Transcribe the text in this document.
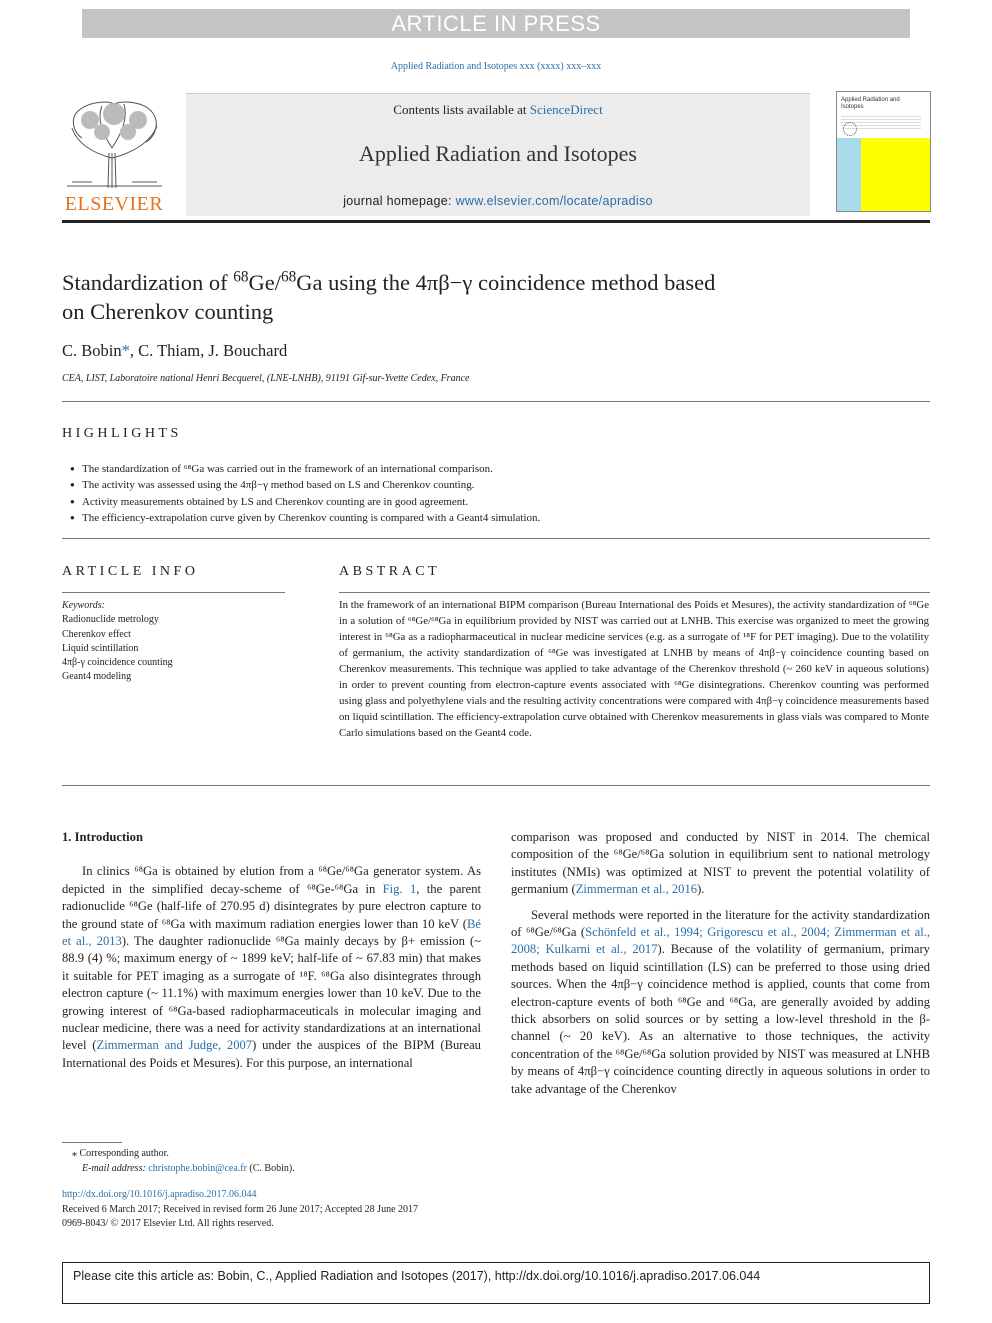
ARTICLE IN PRESS
Applied Radiation and Isotopes xxx (xxxx) xxx–xxx
ELSEVIER
Contents lists available at ScienceDirect
Applied Radiation and Isotopes
journal homepage: www.elsevier.com/locate/apradiso
Applied Radiation and
Isotopes
Standardization of $^{68}$Ge/$^{68}$Ga using the 4πβ−γ coincidence method based
on Cherenkov counting
C. Bobin*, C. Thiam, J. Bouchard
CEA, LIST, Laboratoire national Henri Becquerel, (LNE-LNHB), 91191 Gif-sur-Yvette Cedex, France
HIGHLIGHTS
● The standardization of ⁶⁸Ga was carried out in the framework of an international comparison.
● The activity was assessed using the 4πβ−γ method based on LS and Cherenkov counting.
● Activity measurements obtained by LS and Cherenkov counting are in good agreement.
● The efficiency-extrapolation curve given by Cherenkov counting is compared with a Geant4 simulation.
ARTICLE INFO
Keywords:
Radionuclide metrology
Cherenkov effect
Liquid scintillation
4πβ-γ coincidence counting
Geant4 modeling
ABSTRACT
In the framework of an international BIPM comparison (Bureau International des Poids et Mesures), the activity standardization of ⁶⁸Ge in a solution of ⁶⁸Ge/⁶⁸Ga in equilibrium provided by NIST was carried out at LNHB. This exercise was organized to meet the growing interest in ⁶⁸Ga as a radiopharmaceutical in nuclear medicine services (e.g. as a surrogate of ¹⁸F for PET imaging). Due to the volatility of germanium, the activity standardization of ⁶⁸Ge was investigated at LNHB by means of 4πβ−γ coincidence counting based on Cherenkov measurements. This technique was applied to take advantage of the Cherenkov threshold (~ 260 keV in aqueous solutions) in order to prevent counting from electron-capture events associated with ⁶⁸Ge disintegrations. Cherenkov counting was performed using glass and polyethylene vials and the resulting activity concentrations were compared with 4πβ−γ coincidence measurements based on liquid scintillation. The efficiency-extrapolation curve obtained with Cherenkov measurements in glass vials was compared to Monte Carlo simulations based on the Geant4 code.
1. Introduction

In clinics ⁶⁸Ga is obtained by elution from a ⁶⁸Ge/⁶⁸Ga generator system. As depicted in the simplified decay-scheme of ⁶⁸Ge-⁶⁸Ga in Fig. 1, the parent radionuclide ⁶⁸Ge (half-life of 270.95 d) disintegrates by pure electron capture to the ground state of ⁶⁸Ga with maximum radiation energies lower than 10 keV (Bé et al., 2013). The daughter radionuclide ⁶⁸Ga mainly decays by β+ emission (~ 88.9 (4) %; maximum energy of ~ 1899 keV; half-life of ~ 67.83 min) that makes it suitable for PET imaging as a surrogate of ¹⁸F. ⁶⁸Ga also disintegrates through electron capture (~ 11.1%) with maximum energies lower than 10 keV. Due to the growing interest of ⁶⁸Ga-based radiopharmaceuticals in molecular imaging and nuclear medicine, there was a need for activity standardizations at an international level (Zimmerman and Judge, 2007) under the auspices of the BIPM (Bureau International des Poids et Mesures). For this purpose, an international

comparison was proposed and conducted by NIST in 2014. The chemical composition of the ⁶⁸Ge/⁶⁸Ga solution in equilibrium sent to national metrology institutes (NMIs) was optimized at NIST to prevent the potential volatility of germanium (Zimmerman et al., 2016).

Several methods were reported in the literature for the activity standardization of ⁶⁸Ge/⁶⁸Ga (Schönfeld et al., 1994; Grigorescu et al., 2004; Zimmerman et al., 2008; Kulkarni et al., 2017). Because of the volatility of germanium, primary methods based on liquid scintillation (LS) can be preferred to those using dried sources. When the 4πβ−γ coincidence method is applied, counts that come from electron-capture events of both ⁶⁸Ge and ⁶⁸Ga, are generally avoided by adding thick absorbers on solid sources or by setting a low-level threshold in the β-channel (~ 20 keV). As an alternative to those techniques, the activity concentration of the ⁶⁸Ge/⁶⁸Ga solution provided by NIST was measured at LNHB by means of 4πβ−γ coincidence counting directly in aqueous solutions in order to take advantage of the Cherenkov

⁎ Corresponding author.
E-mail address: christophe.bobin@cea.fr (C. Bobin).
http://dx.doi.org/10.1016/j.apradiso.2017.06.044
Received 6 March 2017; Received in revised form 26 June 2017; Accepted 28 June 2017
0969-8043/ © 2017 Elsevier Ltd. All rights reserved.
Please cite this article as: Bobin, C., Applied Radiation and Isotopes (2017), http://dx.doi.org/10.1016/j.apradiso.2017.06.044
